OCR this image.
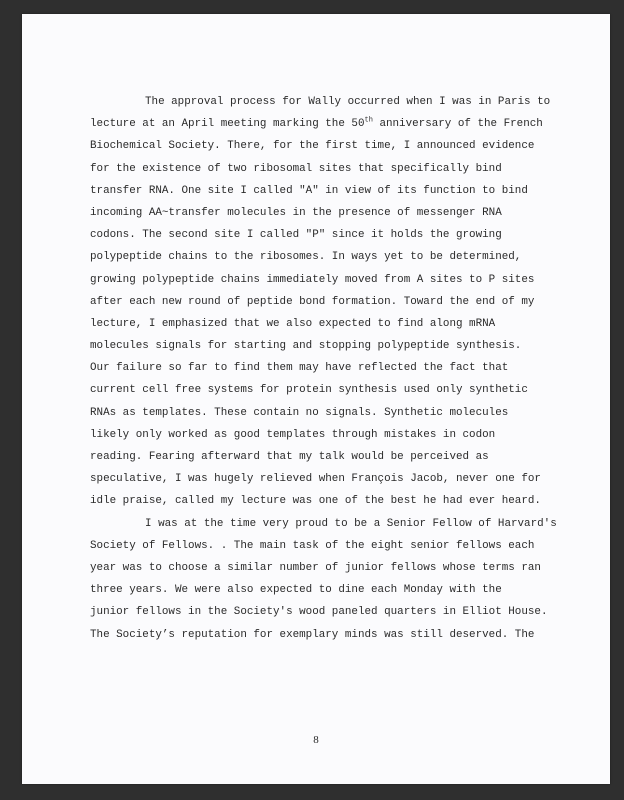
The approval process for Wally occurred when I was in Paris to
lecture at an April meeting marking the 50th anniversary of the French
Biochemical Society. There, for the first time, I announced evidence
for the existence of two ribosomal sites that specifically bind
transfer RNA. One site I called "A" in view of its function to bind
incoming AA~transfer molecules in the presence of messenger RNA
codons. The second site I called "P" since it holds the growing
polypeptide chains to the ribosomes. In ways yet to be determined,
growing polypeptide chains immediately moved from A sites to P sites
after each new round of peptide bond formation. Toward the end of my
lecture, I emphasized that we also expected to find along mRNA
molecules signals for starting and stopping polypeptide synthesis.
Our failure so far to find them may have reflected the fact that
current cell free systems for protein synthesis used only synthetic
RNAs as templates. These contain no signals. Synthetic molecules
likely only worked as good templates through mistakes in codon
reading. Fearing afterward that my talk would be perceived as
speculative, I was hugely relieved when François Jacob, never one for
idle praise, called my lecture was one of the best he had ever heard.
I was at the time very proud to be a Senior Fellow of Harvard's
Society of Fellows. . The main task of the eight senior fellows each
year was to choose a similar number of junior fellows whose terms ran
three years. We were also expected to dine each Monday with the
junior fellows in the Society's wood paneled quarters in Elliot House.
The Society’s reputation for exemplary minds was still deserved. The
8
